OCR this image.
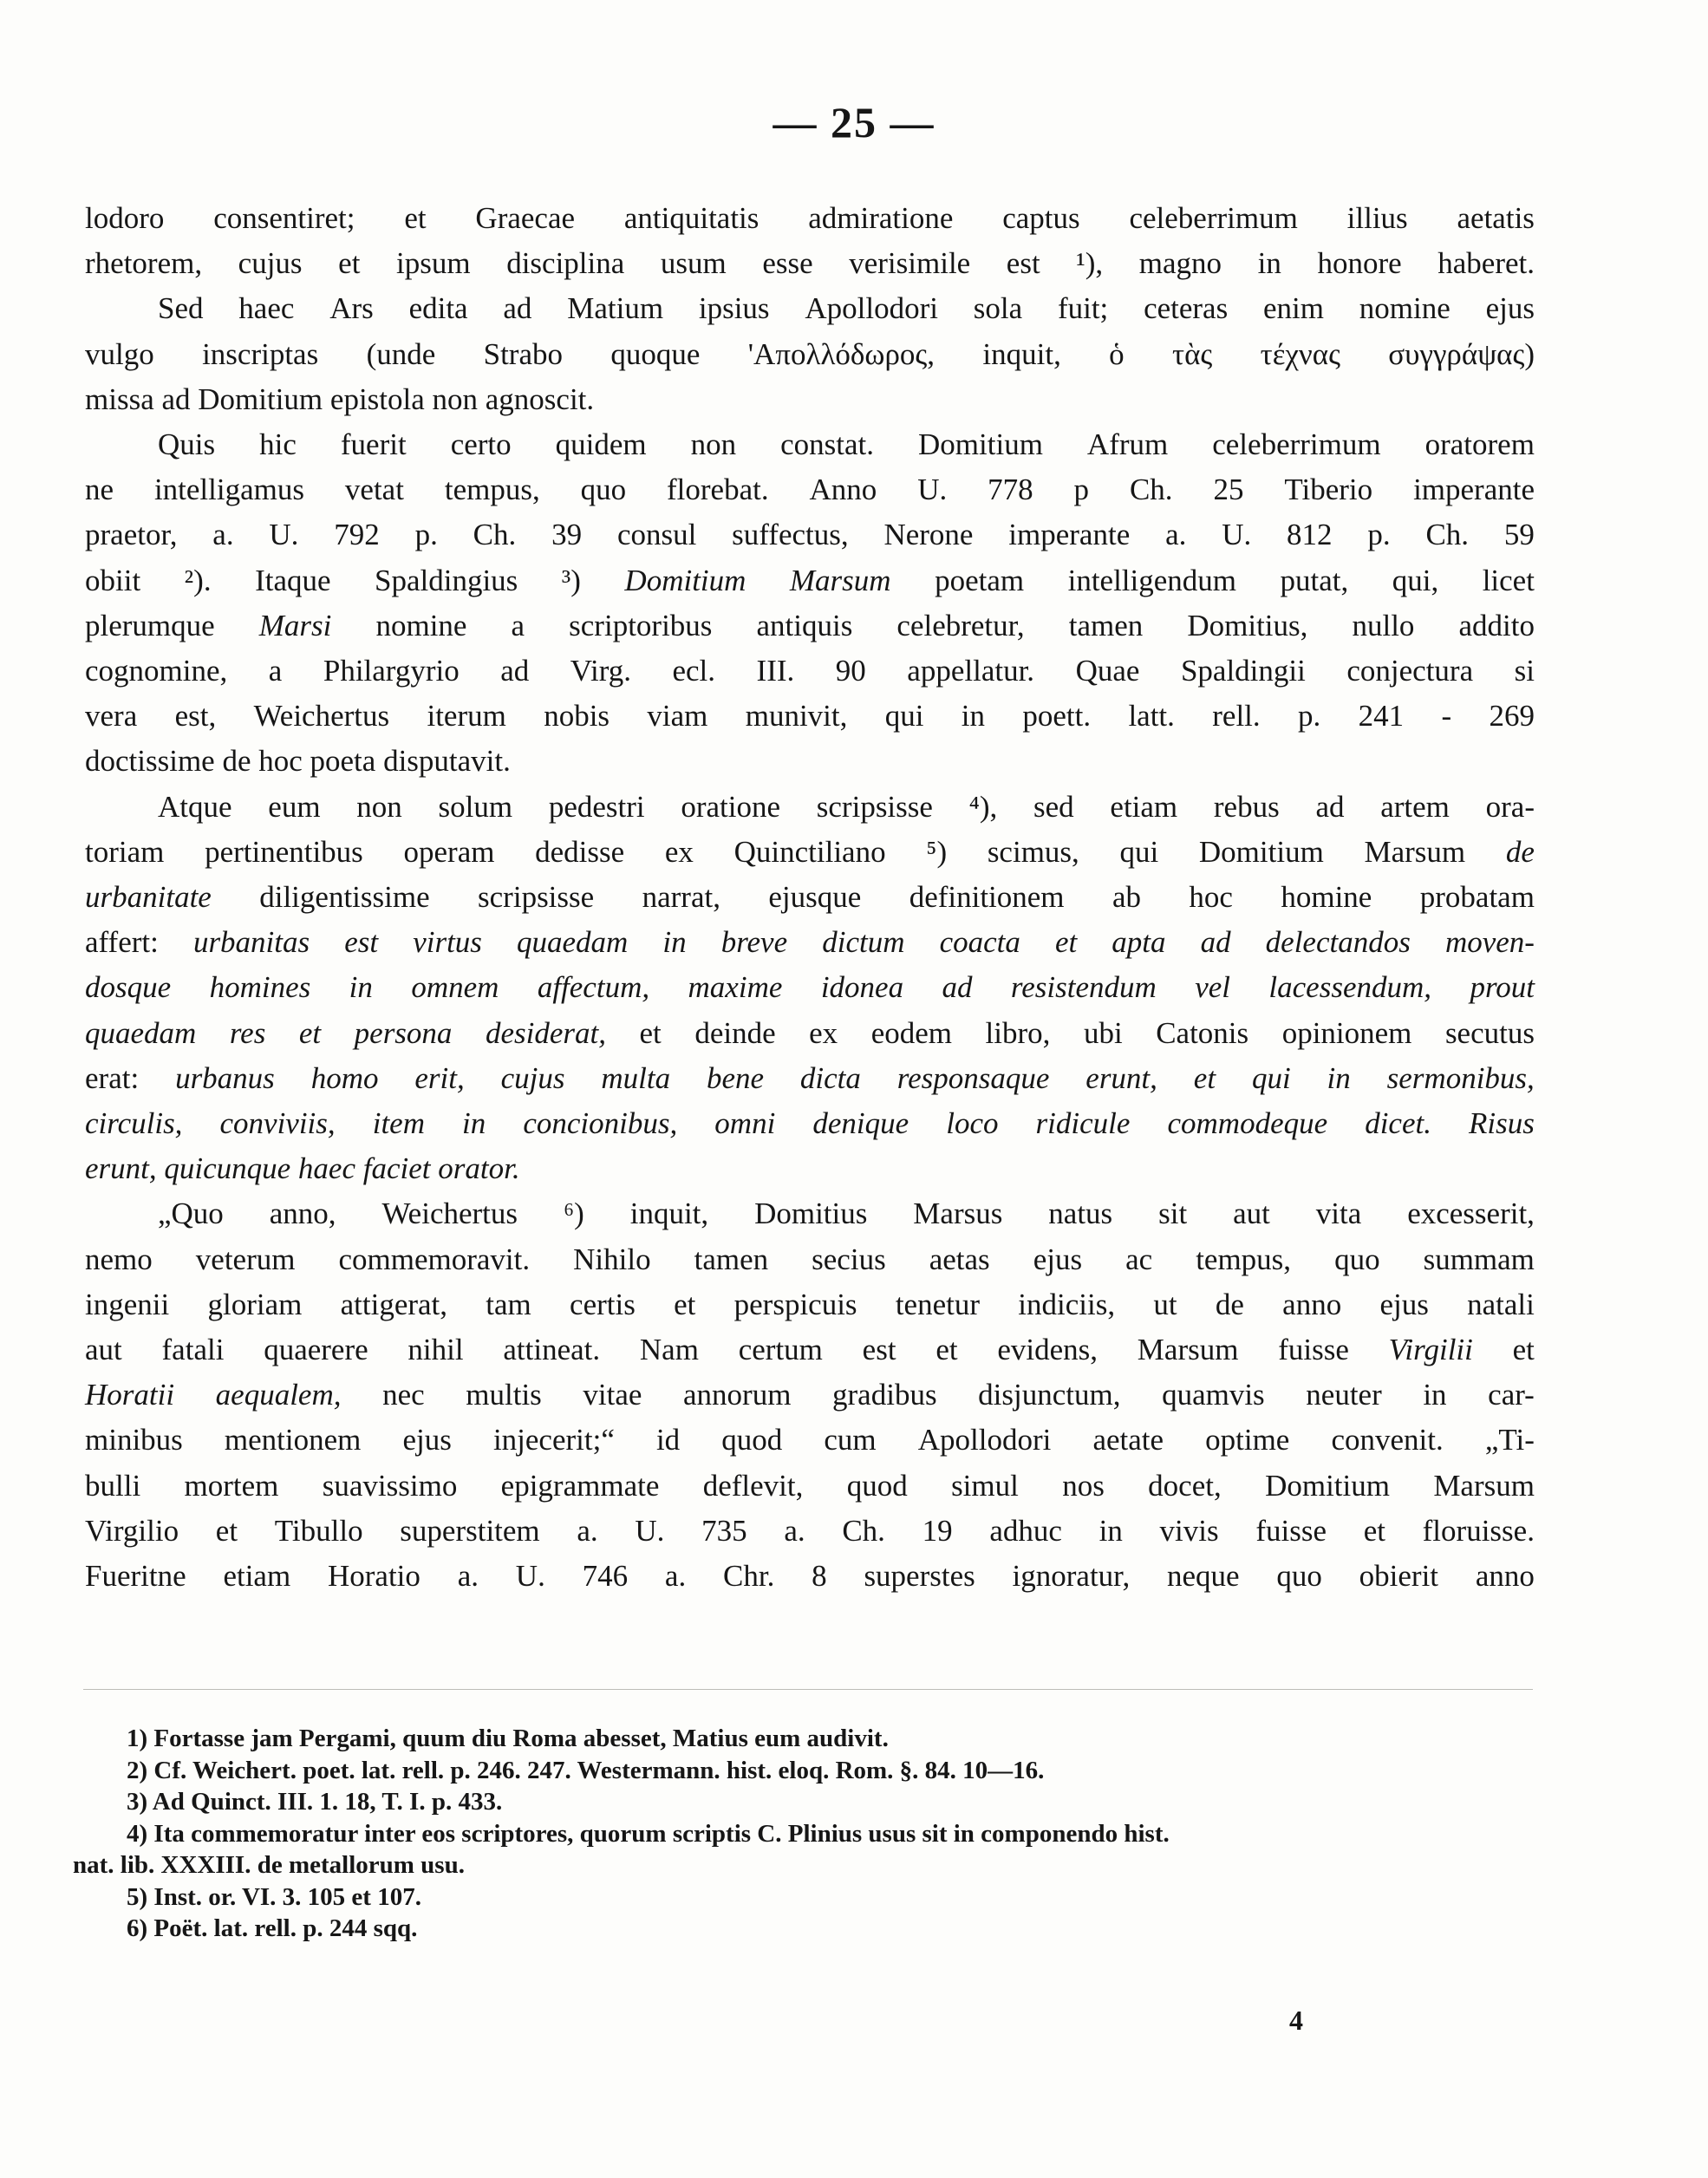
— 25 —
lodoro consentiret; et Graecae antiquitatis admiratione captus celeberrimum illius aetatis
rhetorem, cujus et ipsum disciplina usum esse verisimile est ¹), magno in honore haberet.
Sed haec Ars edita ad Matium ipsius Apollodori sola fuit; ceteras enim nomine ejus
vulgo inscriptas (unde Strabo quoque 'Απολλόδωρος, inquit, ὁ τὰς τέχνας συγγράψας)
missa ad Domitium epistola non agnoscit.
Quis hic fuerit certo quidem non constat. Domitium Afrum celeberrimum oratorem
ne intelligamus vetat tempus, quo florebat. Anno U. 778 p Ch. 25 Tiberio imperante
praetor, a. U. 792 p. Ch. 39 consul suffectus, Nerone imperante a. U. 812 p. Ch. 59
obiit ²). Itaque Spaldingius ³) Domitium Marsum poetam intelligendum putat, qui, licet
plerumque Marsi nomine a scriptoribus antiquis celebretur, tamen Domitius, nullo addito
cognomine, a Philargyrio ad Virg. ecl. III. 90 appellatur. Quae Spaldingii conjectura si
vera est, Weichertus iterum nobis viam munivit, qui in poett. latt. rell. p. 241 - 269
doctissime de hoc poeta disputavit.
Atque eum non solum pedestri oratione scripsisse ⁴), sed etiam rebus ad artem ora-
toriam pertinentibus operam dedisse ex Quinctiliano ⁵) scimus, qui Domitium Marsum de
urbanitate diligentissime scripsisse narrat, ejusque definitionem ab hoc homine probatam
affert: urbanitas est virtus quaedam in breve dictum coacta et apta ad delectandos moven-
dosque homines in omnem affectum, maxime idonea ad resistendum vel lacessendum, prout
quaedam res et persona desiderat, et deinde ex eodem libro, ubi Catonis opinionem secutus
erat: urbanus homo erit, cujus multa bene dicta responsaque erunt, et qui in sermonibus,
circulis, conviviis, item in concionibus, omni denique loco ridicule commodeque dicet. Risus
erunt, quicunque haec faciet orator.
„Quo anno, Weichertus ⁶) inquit, Domitius Marsus natus sit aut vita excesserit,
nemo veterum commemoravit. Nihilo tamen secius aetas ejus ac tempus, quo summam
ingenii gloriam attigerat, tam certis et perspicuis tenetur indiciis, ut de anno ejus natali
aut fatali quaerere nihil attineat. Nam certum est et evidens, Marsum fuisse Virgilii et
Horatii aequalem, nec multis vitae annorum gradibus disjunctum, quamvis neuter in car-
minibus mentionem ejus injecerit;“ id quod cum Apollodori aetate optime convenit. „Ti-
bulli mortem suavissimo epigrammate deflevit, quod simul nos docet, Domitium Marsum
Virgilio et Tibullo superstitem a. U. 735 a. Ch. 19 adhuc in vivis fuisse et floruisse.
Fueritne etiam Horatio a. U. 746 a. Chr. 8 superstes ignoratur, neque quo obierit anno
1) Fortasse jam Pergami, quum diu Roma abesset, Matius eum audivit.
2) Cf. Weichert. poet. lat. rell. p. 246. 247. Westermann. hist. eloq. Rom. §. 84. 10—16.
3) Ad Quinct. III. 1. 18, T. I. p. 433.
4) Ita commemoratur inter eos scriptores, quorum scriptis C. Plinius usus sit in componendo hist.
nat. lib. XXXIII. de metallorum usu.
5) Inst. or. VI. 3. 105 et 107.
6) Poët. lat. rell. p. 244 sqq.
4
